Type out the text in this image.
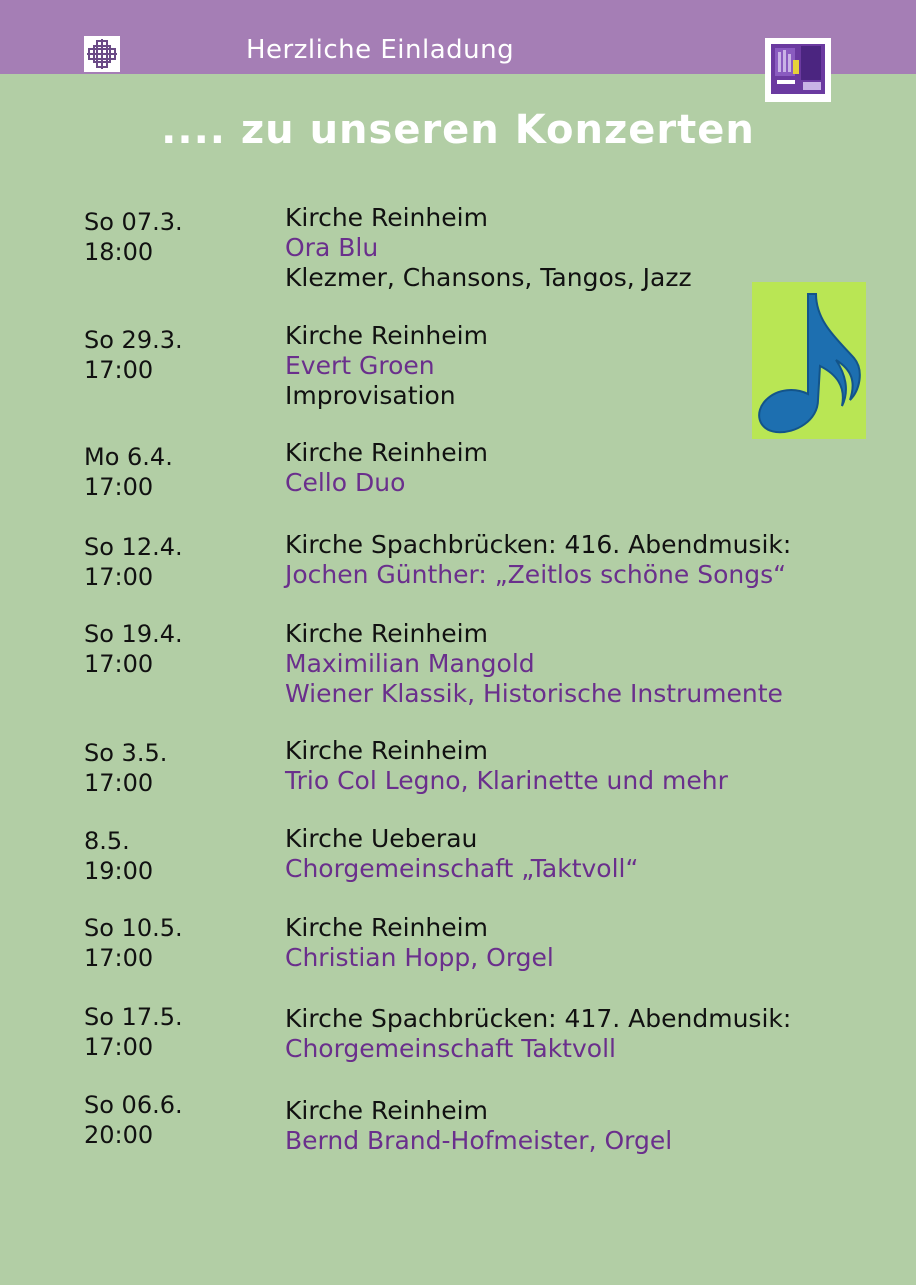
Herzliche Einladung
.... zu unseren Konzerten
So 07.3.
18:00
Kirche Reinheim
Ora Blu
Klezmer, Chansons, Tangos, Jazz
So 29.3.
17:00
Kirche Reinheim
Evert Groen
Improvisation
Mo 6.4.
17:00
Kirche Reinheim
Cello Duo
So 12.4.
17:00
Kirche Spachbrücken: 416. Abendmusik:
Jochen Günther: „Zeitlos schöne Songs“
So 19.4.
17:00
Kirche Reinheim
Maximilian Mangold
Wiener Klassik, Historische Instrumente
So 3.5.
17:00
Kirche Reinheim
Trio Col Legno, Klarinette und mehr
8.5.
19:00
Kirche Ueberau
Chorgemeinschaft „Taktvoll“
So 10.5.
17:00
Kirche Reinheim
Christian Hopp, Orgel
So 17.5.
17:00
Kirche Spachbrücken: 417. Abendmusik:
Chorgemeinschaft Taktvoll
So 06.6.
20:00
Kirche Reinheim
Bernd Brand-Hofmeister, Orgel
